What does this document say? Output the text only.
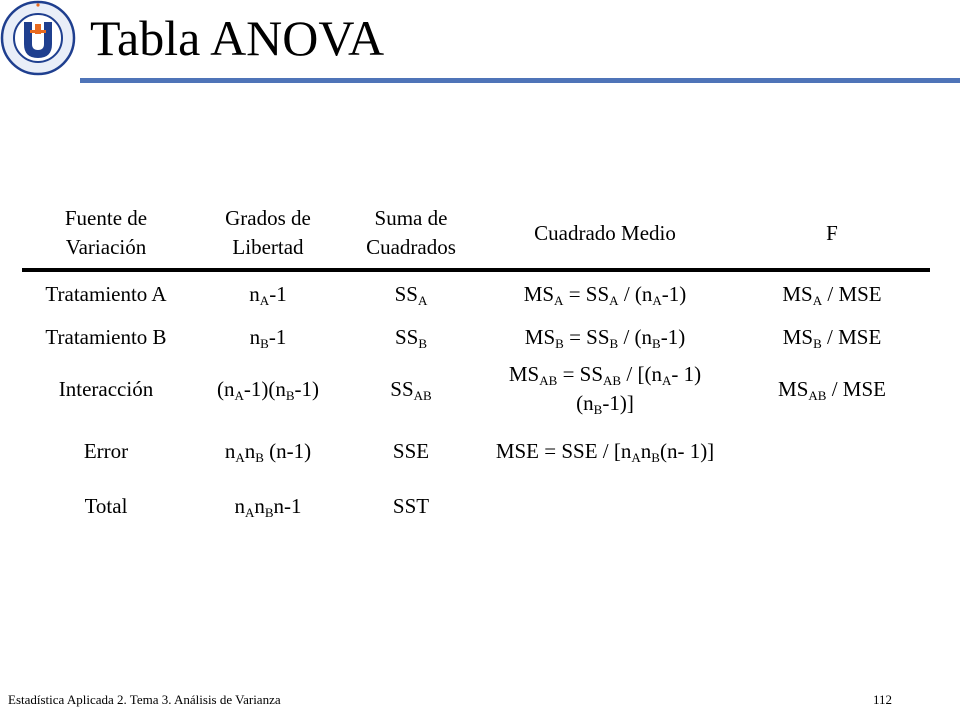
Tabla ANOVA
Fuente de Variación	Grados de Libertad	Suma de Cuadrados	Cuadrado Medio	F
Tratamiento A	$n_A-1$	$SS_A$	$MS_A = SS_A / (n_A-1)$	$MS_A$ / MSE
Tratamiento B	$n_B-1$	$SS_B$	$MS_B = SS_B / (n_B-1)$	$MS_B$ / MSE
Interacción	$(n_A-1)(n_B-1)$	$SS_{AB}$	$MS_{AB} = SS_{AB} / [(n_A-$ $1)(n_B-1)$]	$MS_{AB}$ / MSE
Error	$n_An_B$ (n-1)	SSE	MSE = SSE / [$n_An_B(n-$ 1)]	
Total	$n_An_Bn-1$	SST		
Estadística Aplicada 2. Tema 3. Análisis de Varianza	112
